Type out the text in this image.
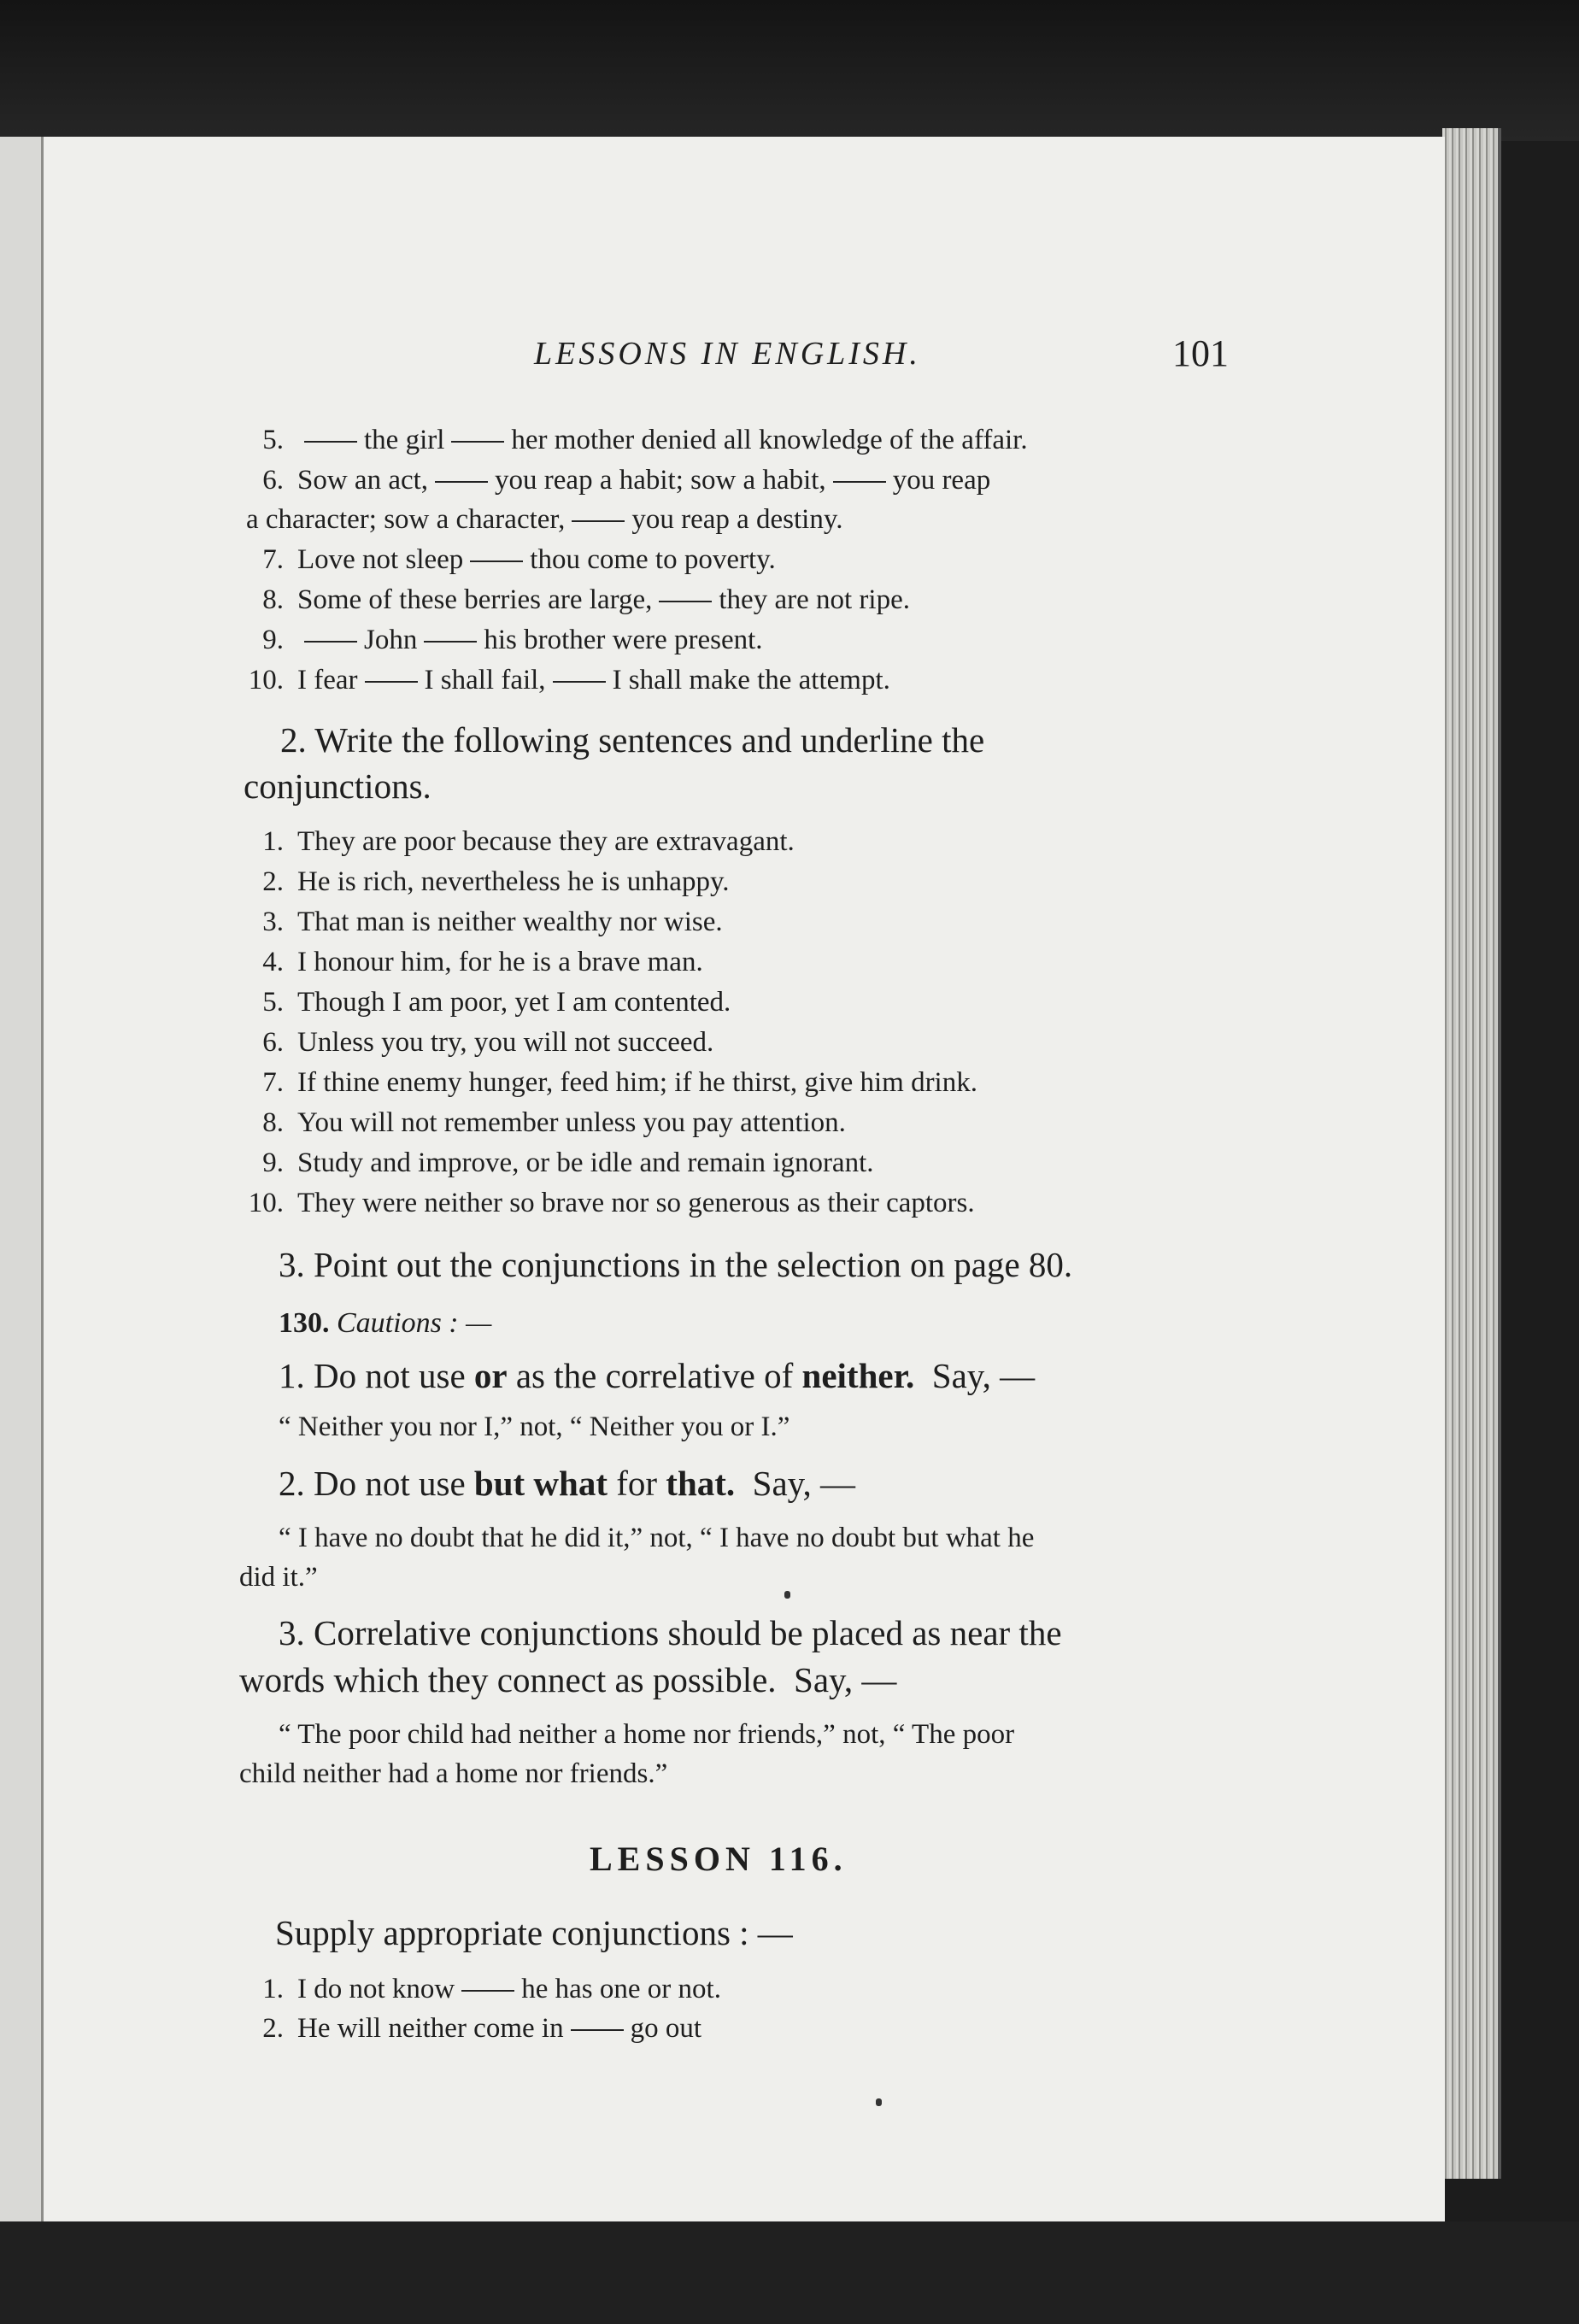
LESSONS IN ENGLISH.	101
5.	the girl her mother denied all knowledge of the affair.
6. Sow an act, you reap a habit; sow a habit, you reap
a character; sow a character, you reap a destiny.
7. Love not sleep thou come to poverty.
8. Some of these berries are large, they are not ripe.
9.	John his brother were present.
10. I fear I shall fail, I shall make the attempt.
2. Write the following sentences and underline the
conjunctions.
1. They are poor because they are extravagant.
2. He is rich, nevertheless he is unhappy.
3. That man is neither wealthy nor wise.
4. I honour him, for he is a brave man.
5. Though I am poor, yet I am contented.
6. Unless you try, you will not succeed.
7. If thine enemy hunger, feed him; if he thirst, give him drink.
8. You will not remember unless you pay attention.
9. Study and improve, or be idle and remain ignorant.
10. They were neither so brave nor so generous as their captors.
3. Point out the conjunctions in the selection on page 80.
130. Cautions : —
1. Do not use or as the correlative of neither.  Say, —
“ Neither you nor I,” not, “ Neither you or I.”
2. Do not use but what for that.  Say, —
“ I have no doubt that he did it,” not, “ I have no doubt but what he
did it.”
3. Correlative conjunctions should be placed as near the
words which they connect as possible.  Say, —
“ The poor child had neither a home nor friends,” not, “ The poor
child neither had a home nor friends.”
LESSON 116.
Supply appropriate conjunctions : —
1. I do not know he has one or not.
2. He will neither come in go out
